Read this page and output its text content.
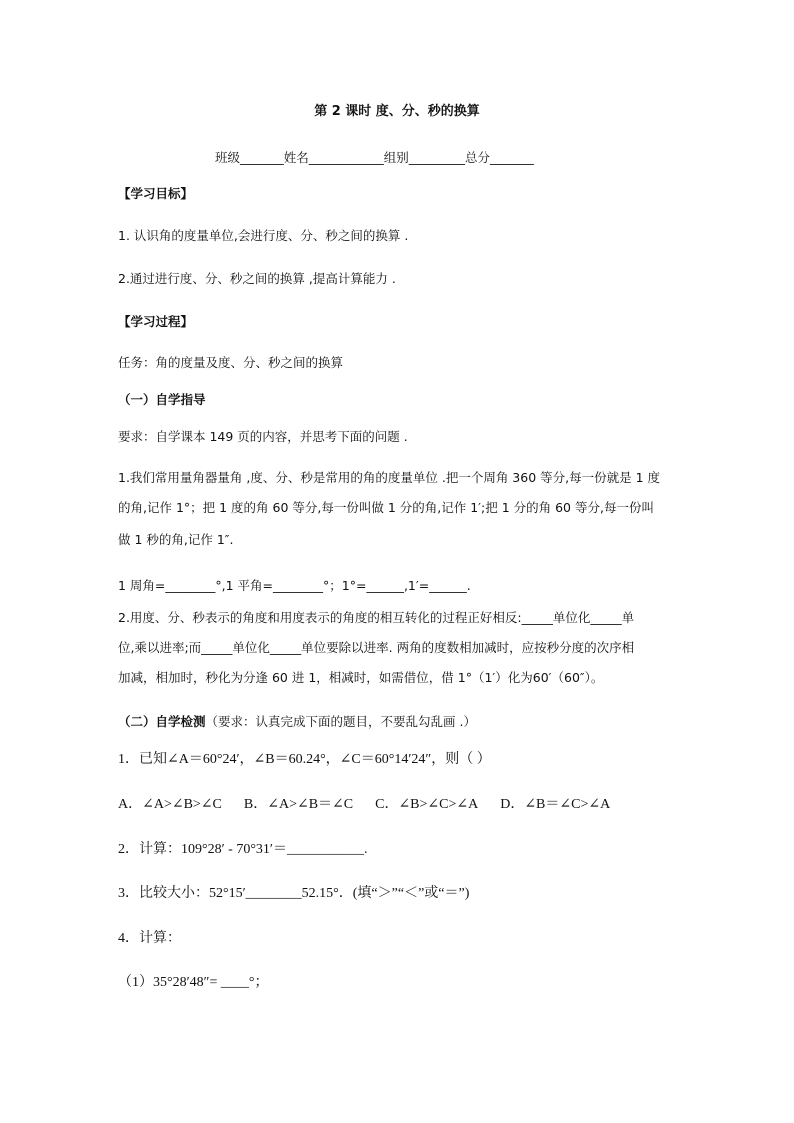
第 2 课时 度、分、秒的换算
班级_______姓名____________组别_________总分_______
【学习目标】
1. 认识角的度量单位,会进行度、分、秒之间的换算 .
2.通过进行度、分、秒之间的换算 ,提高计算能力 .
【学习过程】
任务：角的度量及度、分、秒之间的换算
（一）自学指导
要求：自学课本 149 页的内容，并思考下面的问题 .
1.我们常用量角器量角 ,度、分、秒是常用的角的度量单位 .把一个周角 360 等分,每一份就是 1 度
的角,记作 1°；把 1 度的角 60 等分,每一份叫做 1 分的角,记作 1′;把 1 分的角 60 等分,每一份叫
做 1 秒的角,记作 1″.
1 周角=________°,1 平角=________°；1°=______,1′=______.
2.用度、分、秒表示的角度和用度表示的角度的相互转化的过程正好相反:_____单位化_____单
位,乘以进率;而_____单位化_____单位要除以进率. 两角的度数相加减时，应按秒分度的次序相
加减，相加时，秒化为分逢 60 进 1，相减时，如需借位，借 1°（1′）化为60′（60″）。
（二）自学检测（要求：认真完成下面的题目，不要乱勾乱画 .）
1．已知∠A＝60°24′，∠B＝60.24°，∠C＝60°14′24″，则（ ）
A．∠A>∠B>∠C B．∠A>∠B＝∠C C．∠B>∠C>∠A D．∠B＝∠C>∠A
2．计算：109°28′ - 70°31′＝___________.
3．比较大小：52°15′________52.15°．(填“＞”“＜”或“＝”)
4．计算：
（1）35°28′48″= ____°；
